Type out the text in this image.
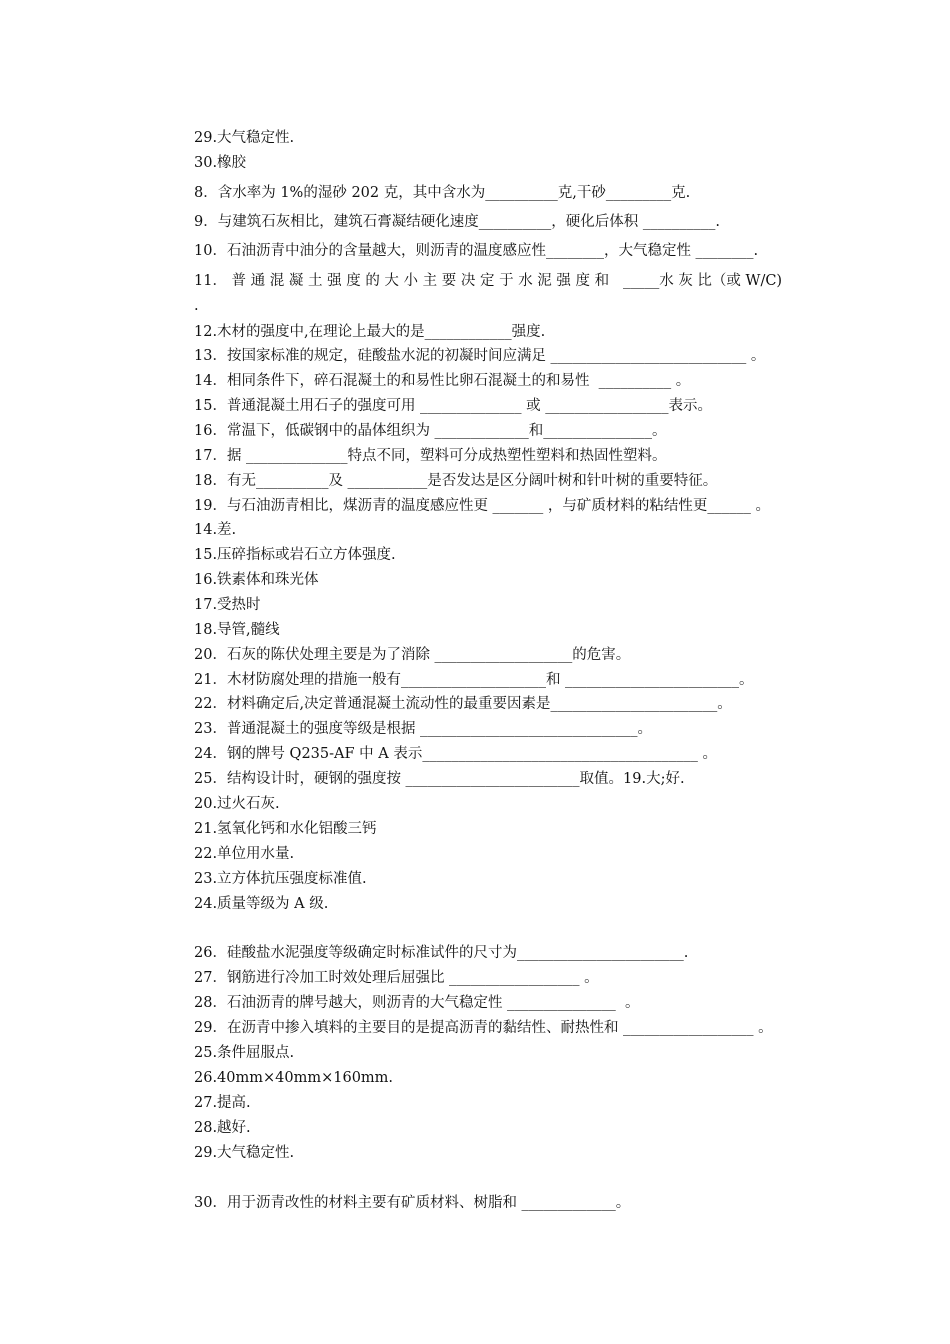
29.大气稳定性.
30.橡胶
8．含水率为 1%的湿砂 202 克，其中含水为__________克,干砂_________克.
9．与建筑石灰相比，建筑石膏凝结硬化速度__________，硬化后体积 __________.
10．石油沥青中油分的含量越大，则沥青的温度感应性________，大气稳定性 ________.
11． 普 通 混 凝 土 强 度 的 大 小 主 要 决 定 于 水 泥 强 度 和   _____水 灰 比（或 W/C)
.
12.木材的强度中,在理论上最大的是____________强度.
13．按国家标准的规定，硅酸盐水泥的初凝时间应满足 ___________________________ 。
14．相同条件下，碎石混凝土的和易性比卵石混凝土的和易性  __________ 。
15．普通混凝土用石子的强度可用 ______________ 或 _________________表示。
16．常温下，低碳钢中的晶体组织为 _____________和_______________。
17．据 ______________特点不同，塑料可分成热塑性塑料和热固性塑料。
18．有无__________及 ___________是否发达是区分阔叶树和针叶树的重要特征。
19．与石油沥青相比，煤沥青的温度感应性更 _______ ，与矿质材料的粘结性更______ 。
14.差.
15.压碎指标或岩石立方体强度.
16.铁素体和珠光体
17.受热时
18.导管,髓线
20．石灰的陈伏处理主要是为了消除 ___________________的危害。
21．木材防腐处理的措施一般有____________________和 ________________________。
22．材料确定后,决定普通混凝土流动性的最重要因素是_______________________。
23．普通混凝土的强度等级是根据 ______________________________。
24．钢的牌号 Q235-AF 中 A 表示______________________________________ 。
25．结构设计时，硬钢的强度按 ________________________取值。19.大;好.
20.过火石灰.
21.氢氧化钙和水化铝酸三钙
22.单位用水量.
23.立方体抗压强度标准值.
24.质量等级为 A 级.
26．硅酸盐水泥强度等级确定时标准试件的尺寸为_______________________.
27．钢筋进行冷加工时效处理后屈强比 __________________ 。
28．石油沥青的牌号越大，则沥青的大气稳定性 _______________  。
29．在沥青中掺入填料的主要目的是提高沥青的黏结性、耐热性和 __________________ 。
25.条件屈服点.
26.40mm×40mm×160mm.
27.提高.
28.越好.
29.大气稳定性.
30．用于沥青改性的材料主要有矿质材料、树脂和 _____________。
